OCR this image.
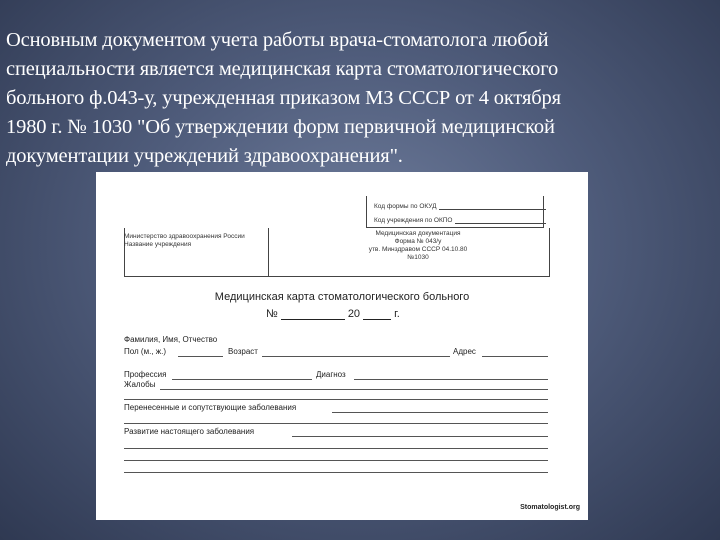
Основным документом учета работы врача-стоматолога любой
специальности является медицинская карта стоматологического
больного ф.043-у, учрежденная приказом МЗ СССР от 4 октября
1980 г. № 1030 "Об утверждении форм первичной медицинской
документации учреждений здравоохранения".
Код формы по ОКУД
Код учреждения по ОКПО
Министерство здравоохранения России
Название учреждения
Медицинская документация
Форма № 043/у
утв. Минздравом СССР 04.10.80
№1030
Медицинская карта стоматологического больного
№	20	г.
Фамилия, Имя, Отчество
Пол (м., ж.)	Возраст	Адрес
Профессия	Диагноз
Жалобы
Перенесенные и сопутствующие заболевания
Развитие настоящего заболевания
Stomatologist.org
